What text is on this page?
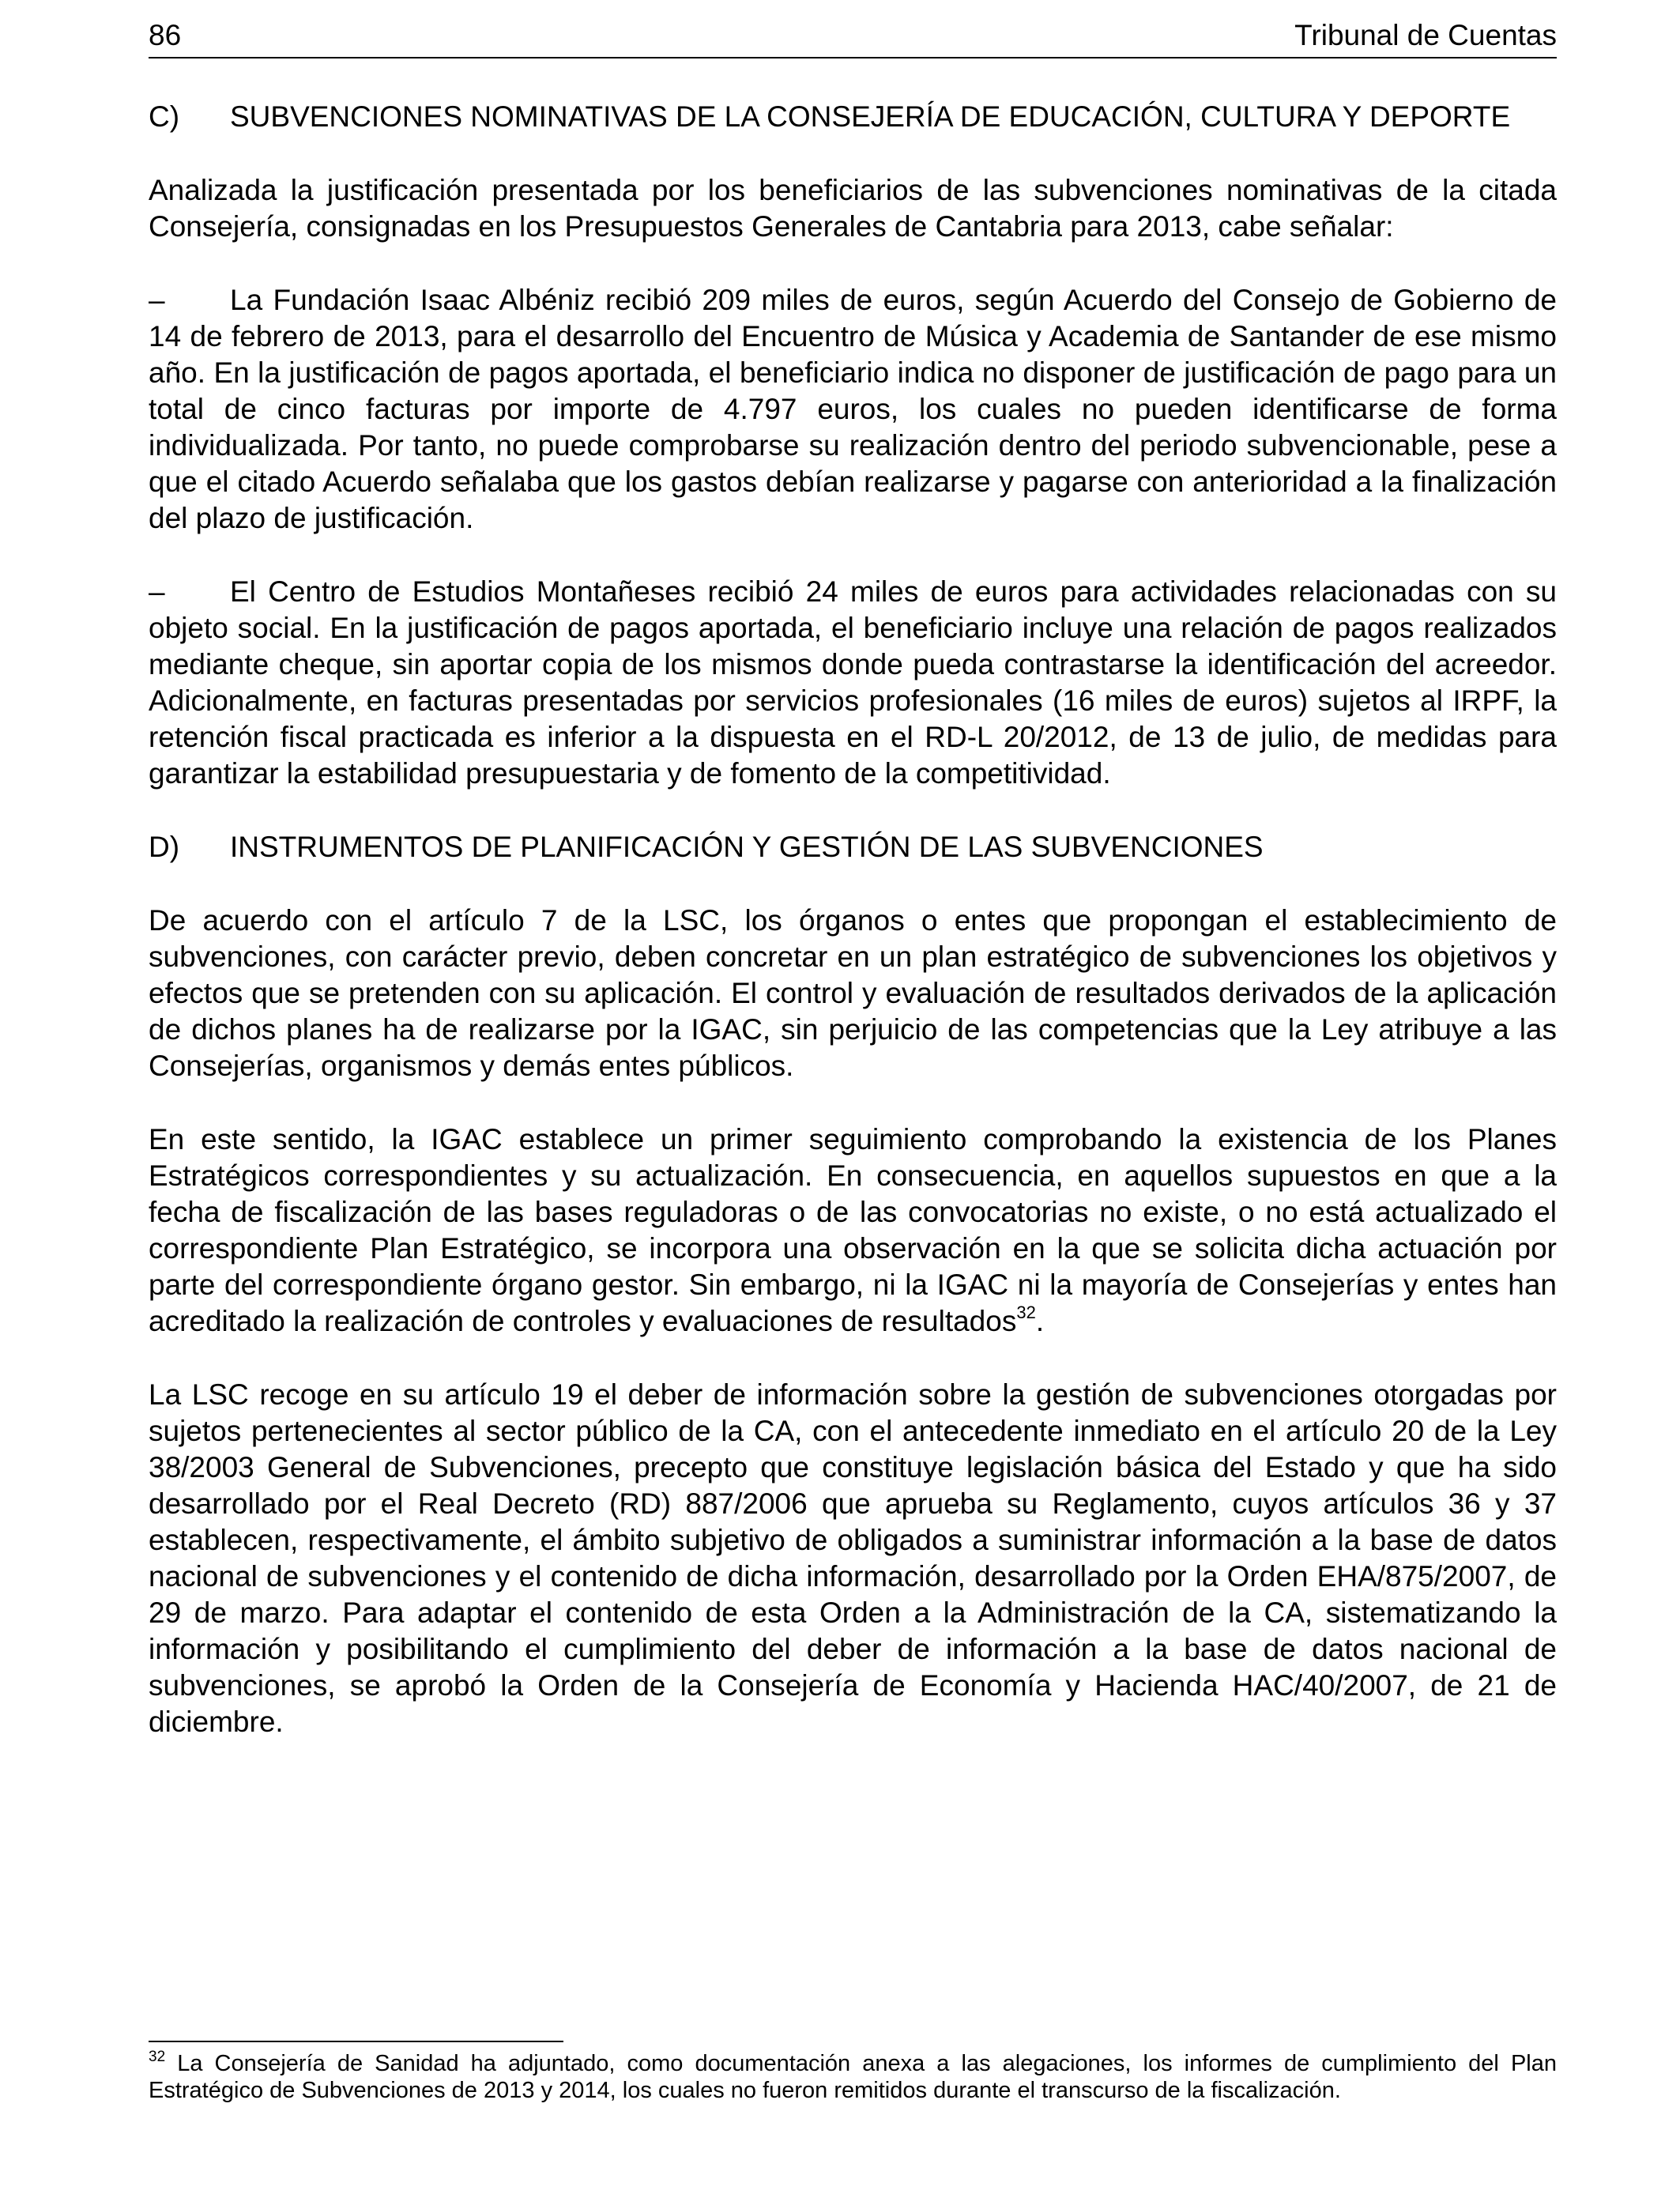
86	Tribunal de Cuentas
C) SUBVENCIONES NOMINATIVAS DE LA CONSEJERÍA DE EDUCACIÓN, CULTURA Y DEPORTE

Analizada la justificación presentada por los beneficiarios de las subvenciones nominativas de la citada Consejería, consignadas en los Presupuestos Generales de Cantabria para 2013, cabe señalar:

– La Fundación Isaac Albéniz recibió 209 miles de euros, según Acuerdo del Consejo de Gobierno de 14 de febrero de 2013, para el desarrollo del Encuentro de Música y Academia de Santander de ese mismo año. En la justificación de pagos aportada, el beneficiario indica no disponer de justificación de pago para un total de cinco facturas por importe de 4.797 euros, los cuales no pueden identificarse de forma individualizada. Por tanto, no puede comprobarse su realización dentro del periodo subvencionable, pese a que el citado Acuerdo señalaba que los gastos debían realizarse y pagarse con anterioridad a la finalización del plazo de justificación.

– El Centro de Estudios Montañeses recibió 24 miles de euros para actividades relacionadas con su objeto social. En la justificación de pagos aportada, el beneficiario incluye una relación de pagos realizados mediante cheque, sin aportar copia de los mismos donde pueda contrastarse la identificación del acreedor. Adicionalmente, en facturas presentadas por servicios profesionales (16 miles de euros) sujetos al IRPF, la retención fiscal practicada es inferior a la dispuesta en el RD-L 20/2012, de 13 de julio, de medidas para garantizar la estabilidad presupuestaria y de fomento de la competitividad.

D) INSTRUMENTOS DE PLANIFICACIÓN Y GESTIÓN DE LAS SUBVENCIONES

De acuerdo con el artículo 7 de la LSC, los órganos o entes que propongan el establecimiento de subvenciones, con carácter previo, deben concretar en un plan estratégico de subvenciones los objetivos y efectos que se pretenden con su aplicación. El control y evaluación de resultados derivados de la aplicación de dichos planes ha de realizarse por la IGAC, sin perjuicio de las competencias que la Ley atribuye a las Consejerías, organismos y demás entes públicos.

En este sentido, la IGAC establece un primer seguimiento comprobando la existencia de los Planes Estratégicos correspondientes y su actualización. En consecuencia, en aquellos supuestos en que a la fecha de fiscalización de las bases reguladoras o de las convocatorias no existe, o no está actualizado el correspondiente Plan Estratégico, se incorpora una observación en la que se solicita dicha actuación por parte del correspondiente órgano gestor. Sin embargo, ni la IGAC ni la mayoría de Consejerías y entes han acreditado la realización de controles y evaluaciones de resultados$^{32}$.

La LSC recoge en su artículo 19 el deber de información sobre la gestión de subvenciones otorgadas por sujetos pertenecientes al sector público de la CA, con el antecedente inmediato en el artículo 20 de la Ley 38/2003 General de Subvenciones, precepto que constituye legislación básica del Estado y que ha sido desarrollado por el Real Decreto (RD) 887/2006 que aprueba su Reglamento, cuyos artículos 36 y 37 establecen, respectivamente, el ámbito subjetivo de obligados a suministrar información a la base de datos nacional de subvenciones y el contenido de dicha información, desarrollado por la Orden EHA/875/2007, de 29 de marzo. Para adaptar el contenido de esta Orden a la Administración de la CA, sistematizando la información y posibilitando el cumplimiento del deber de información a la base de datos nacional de subvenciones, se aprobó la Orden de la Consejería de Economía y Hacienda HAC/40/2007, de 21 de diciembre.

$^{32}$ La Consejería de Sanidad ha adjuntado, como documentación anexa a las alegaciones, los informes de cumplimiento del Plan Estratégico de Subvenciones de 2013 y 2014, los cuales no fueron remitidos durante el transcurso de la fiscalización.
